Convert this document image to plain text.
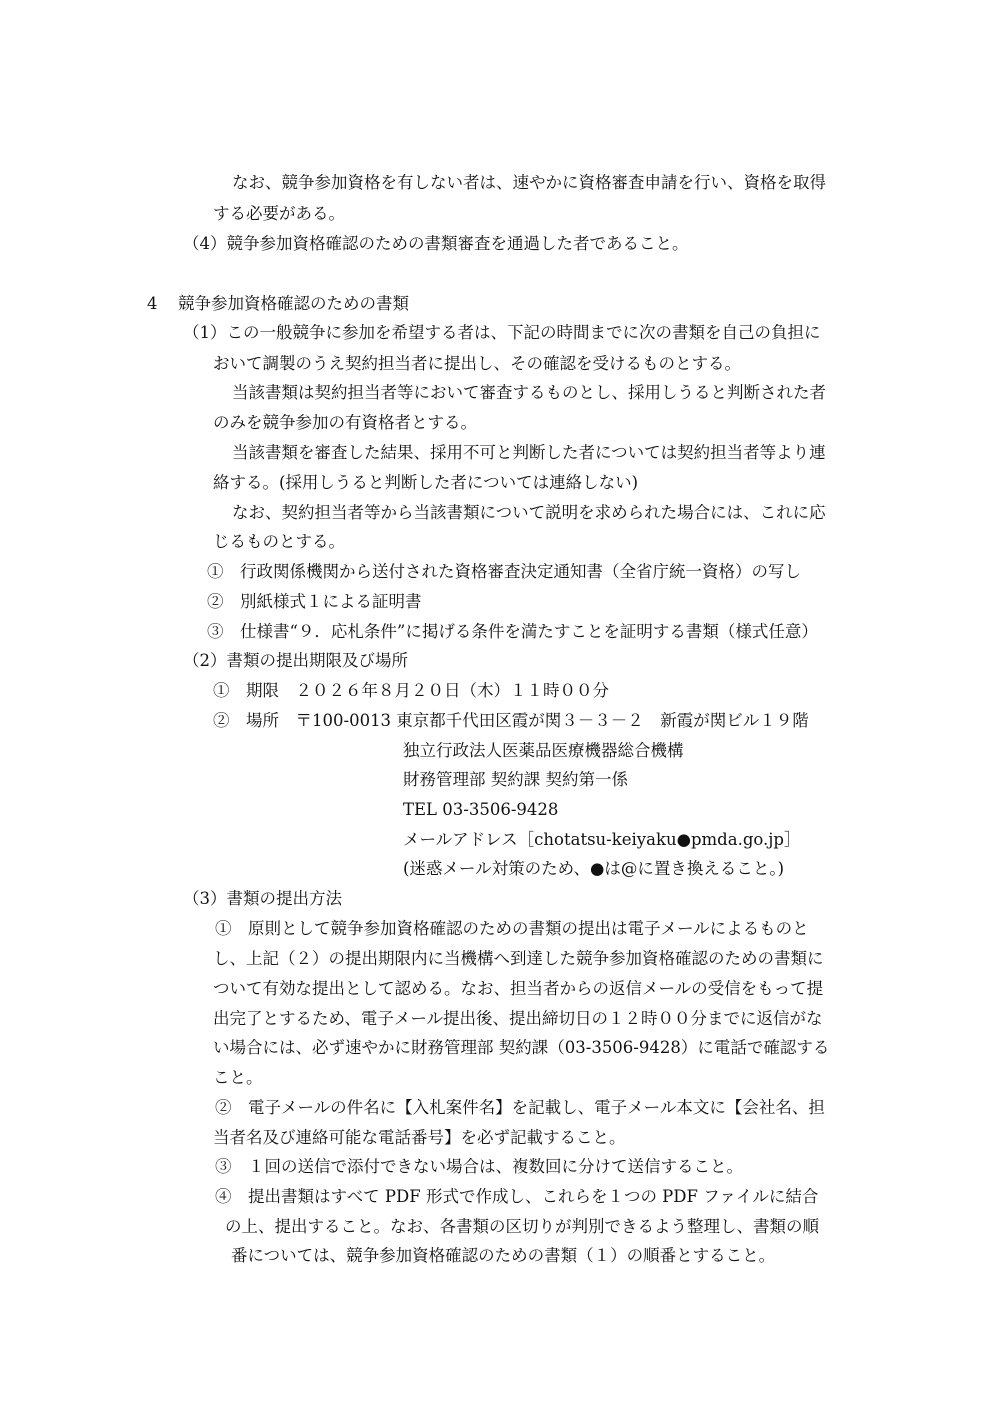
なお、競争参加資格を有しない者は、速やかに資格審査申請を行い、資格を取得
する必要がある。
（4）競争参加資格確認のための書類審査を通過した者であること。
4 競争参加資格確認のための書類
（1）この一般競争に参加を希望する者は、下記の時間までに次の書類を自己の負担に
おいて調製のうえ契約担当者に提出し、その確認を受けるものとする。
当該書類は契約担当者等において審査するものとし、採用しうると判断された者
のみを競争参加の有資格者とする。
当該書類を審査した結果、採用不可と判断した者については契約担当者等より連
絡する。(採用しうると判断した者については連絡しない)
なお、契約担当者等から当該書類について説明を求められた場合には、これに応
じるものとする。
①　行政関係機関から送付された資格審査決定通知書（全省庁統一資格）の写し
②　別紙様式１による証明書
③　仕様書“９．応札条件”に掲げる条件を満たすことを証明する書類（様式任意）
（2）書類の提出期限及び場所
①　期限　２０２６年８月２０日（木）１１時００分
②　場所　〒100-0013 東京都千代田区霞が関３－３－２　新霞が関ビル１９階
独立行政法人医薬品医療機器総合機構
財務管理部 契約課 契約第一係
TEL 03-3506-9428
メールアドレス［chotatsu-keiyaku●pmda.go.jp］
(迷惑メール対策のため、●は@に置き換えること。)
（3）書類の提出方法
①　原則として競争参加資格確認のための書類の提出は電子メールによるものと
し、上記（２）の提出期限内に当機構へ到達した競争参加資格確認のための書類に
ついて有効な提出として認める。なお、担当者からの返信メールの受信をもって提
出完了とするため、電子メール提出後、提出締切日の１２時００分までに返信がな
い場合には、必ず速やかに財務管理部 契約課（03-3506-9428）に電話で確認する
こと。
②　電子メールの件名に【入札案件名】を記載し、電子メール本文に【会社名、担
当者名及び連絡可能な電話番号】を必ず記載すること。
③　１回の送信で添付できない場合は、複数回に分けて送信すること。
④　提出書類はすべて PDF 形式で作成し、これらを１つの PDF ファイルに結合
の上、提出すること。なお、各書類の区切りが判別できるよう整理し、書類の順
番については、競争参加資格確認のための書類（１）の順番とすること。
